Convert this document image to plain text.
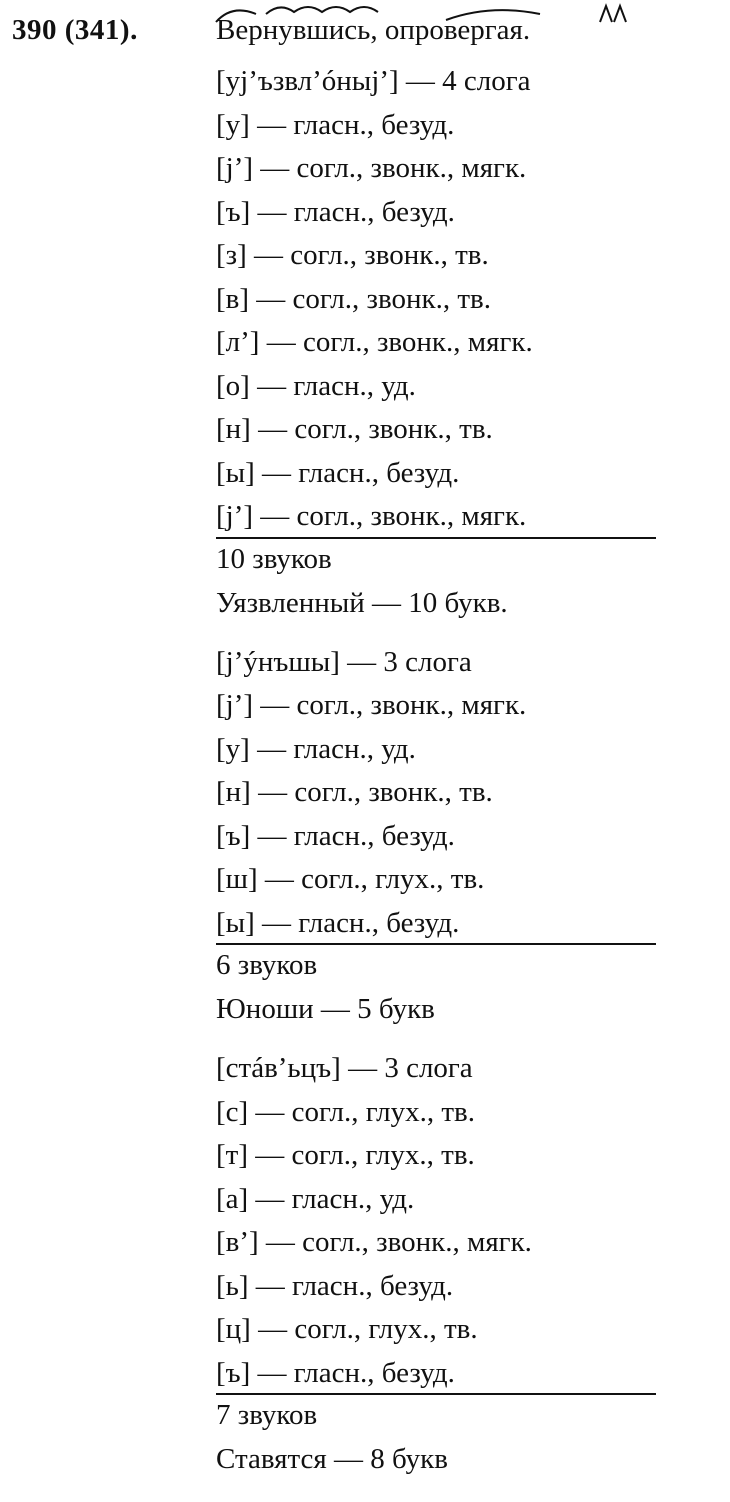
390 (341).	Вернувшись, опровергая.
[уj’ъзвл’óныj’] — 4 слога
[у] — гласн., безуд.
[j’] — согл., звонк., мягк.
[ъ] — гласн., безуд.
[з] — согл., звонк., тв.
[в] — согл., звонк., тв.
[л’] — согл., звонк., мягк.
[о] — гласн., уд.
[н] — согл., звонк., тв.
[ы] — гласн., безуд.
[j’] — согл., звонк., мягк.
10 звуков
Уязвленный — 10 букв.
[j’ýнъшы] — 3 слога
[j’] — согл., звонк., мягк.
[у] — гласн., уд.
[н] — согл., звонк., тв.
[ъ] — гласн., безуд.
[ш] — согл., глух., тв.
[ы] — гласн., безуд.
6 звуков
Юноши — 5 букв
[стáв’ьцъ] — 3 слога
[с] — согл., глух., тв.
[т] — согл., глух., тв.
[а] — гласн., уд.
[в’] — согл., звонк., мягк.
[ь] — гласн., безуд.
[ц] — согл., глух., тв.
[ъ] — гласн., безуд.
7 звуков
Ставятся — 8 букв
